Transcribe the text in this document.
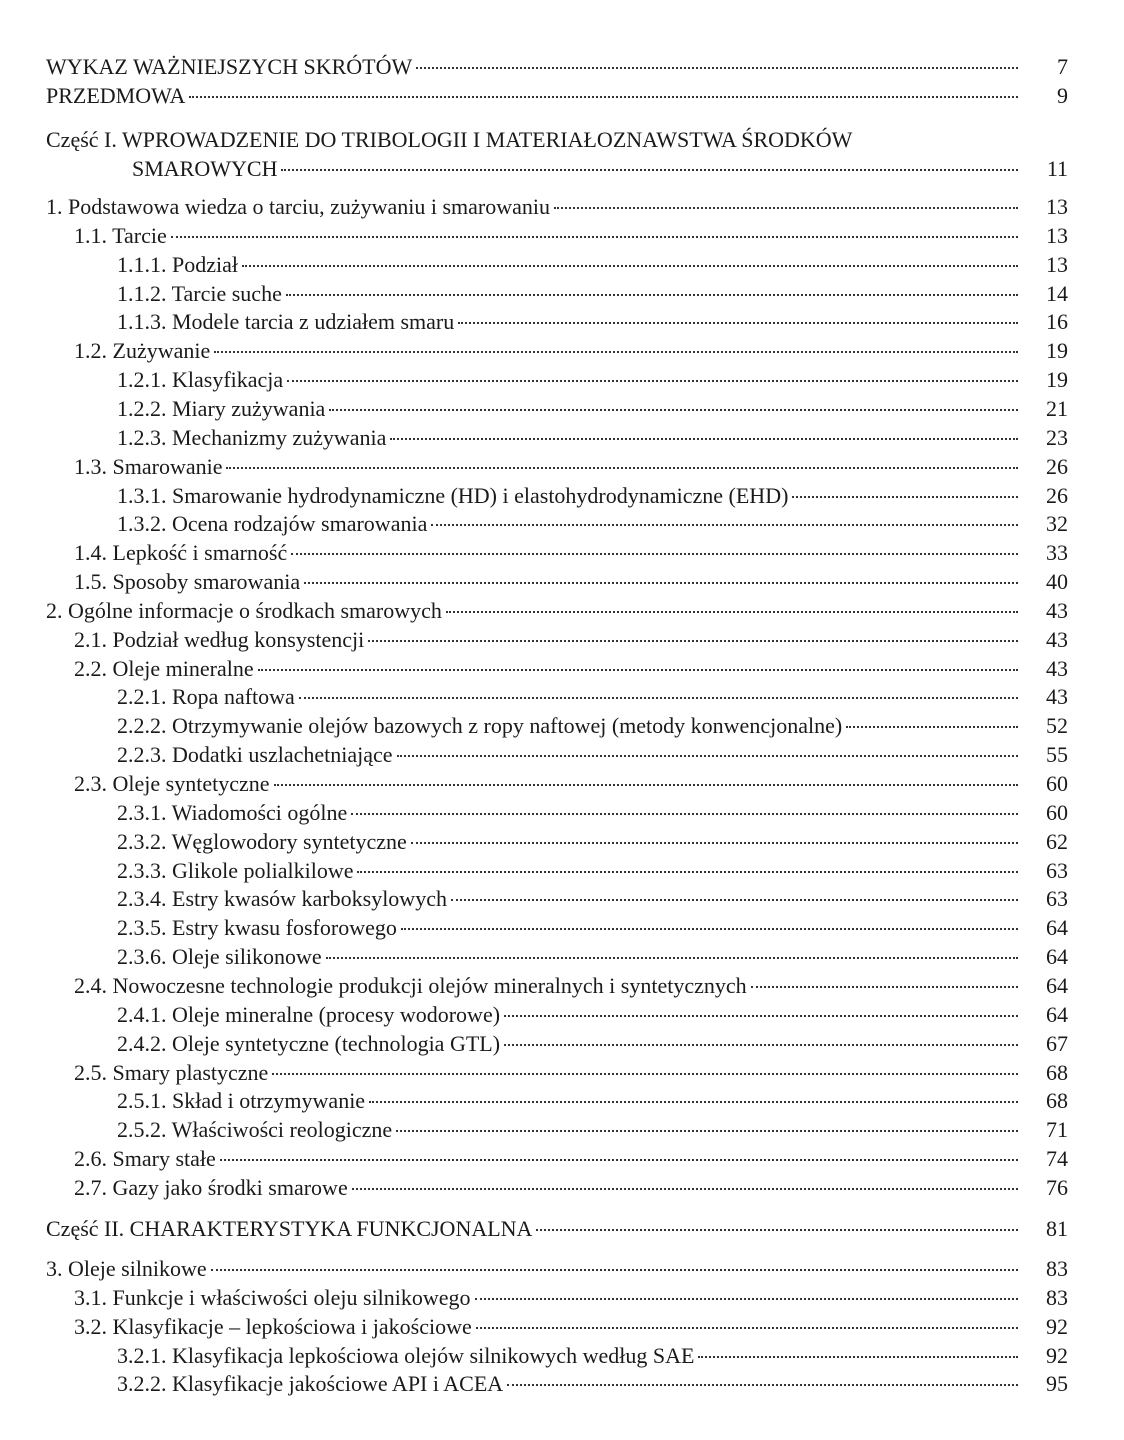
WYKAZ WAŻNIEJSZYCH SKRÓTÓW	7
PRZEDMOWA	9
Część I. WPROWADZENIE DO TRIBOLOGII I MATERIAŁOZNAWSTWA ŚRODKÓW
SMAROWYCH	11
1. Podstawowa wiedza o tarciu, zużywaniu i smarowaniu	13
1.1. Tarcie	13
1.1.1. Podział	13
1.1.2. Tarcie suche	14
1.1.3. Modele tarcia z udziałem smaru	16
1.2. Zużywanie	19
1.2.1. Klasyfikacja	19
1.2.2. Miary zużywania	21
1.2.3. Mechanizmy zużywania	23
1.3. Smarowanie	26
1.3.1. Smarowanie hydrodynamiczne (HD) i elastohydrodynamiczne (EHD)	26
1.3.2. Ocena rodzajów smarowania	32
1.4. Lepkość i smarność	33
1.5. Sposoby smarowania	40
2. Ogólne informacje o środkach smarowych	43
2.1. Podział według konsystencji	43
2.2. Oleje mineralne	43
2.2.1. Ropa naftowa	43
2.2.2. Otrzymywanie olejów bazowych z ropy naftowej (metody konwencjonalne)	52
2.2.3. Dodatki uszlachetniające	55
2.3. Oleje syntetyczne	60
2.3.1. Wiadomości ogólne	60
2.3.2. Węglowodory syntetyczne	62
2.3.3. Glikole polialkilowe	63
2.3.4. Estry kwasów karboksylowych	63
2.3.5. Estry kwasu fosforowego	64
2.3.6. Oleje silikonowe	64
2.4. Nowoczesne technologie produkcji olejów mineralnych i syntetycznych	64
2.4.1. Oleje mineralne (procesy wodorowe)	64
2.4.2. Oleje syntetyczne (technologia GTL)	67
2.5. Smary plastyczne	68
2.5.1. Skład i otrzymywanie	68
2.5.2. Właściwości reologiczne	71
2.6. Smary stałe	74
2.7. Gazy jako środki smarowe	76
Część II. CHARAKTERYSTYKA FUNKCJONALNA	81
3. Oleje silnikowe	83
3.1. Funkcje i właściwości oleju silnikowego	83
3.2. Klasyfikacje – lepkościowa i jakościowe	92
3.2.1. Klasyfikacja lepkościowa olejów silnikowych według SAE	92
3.2.2. Klasyfikacje jakościowe API i ACEA	95
